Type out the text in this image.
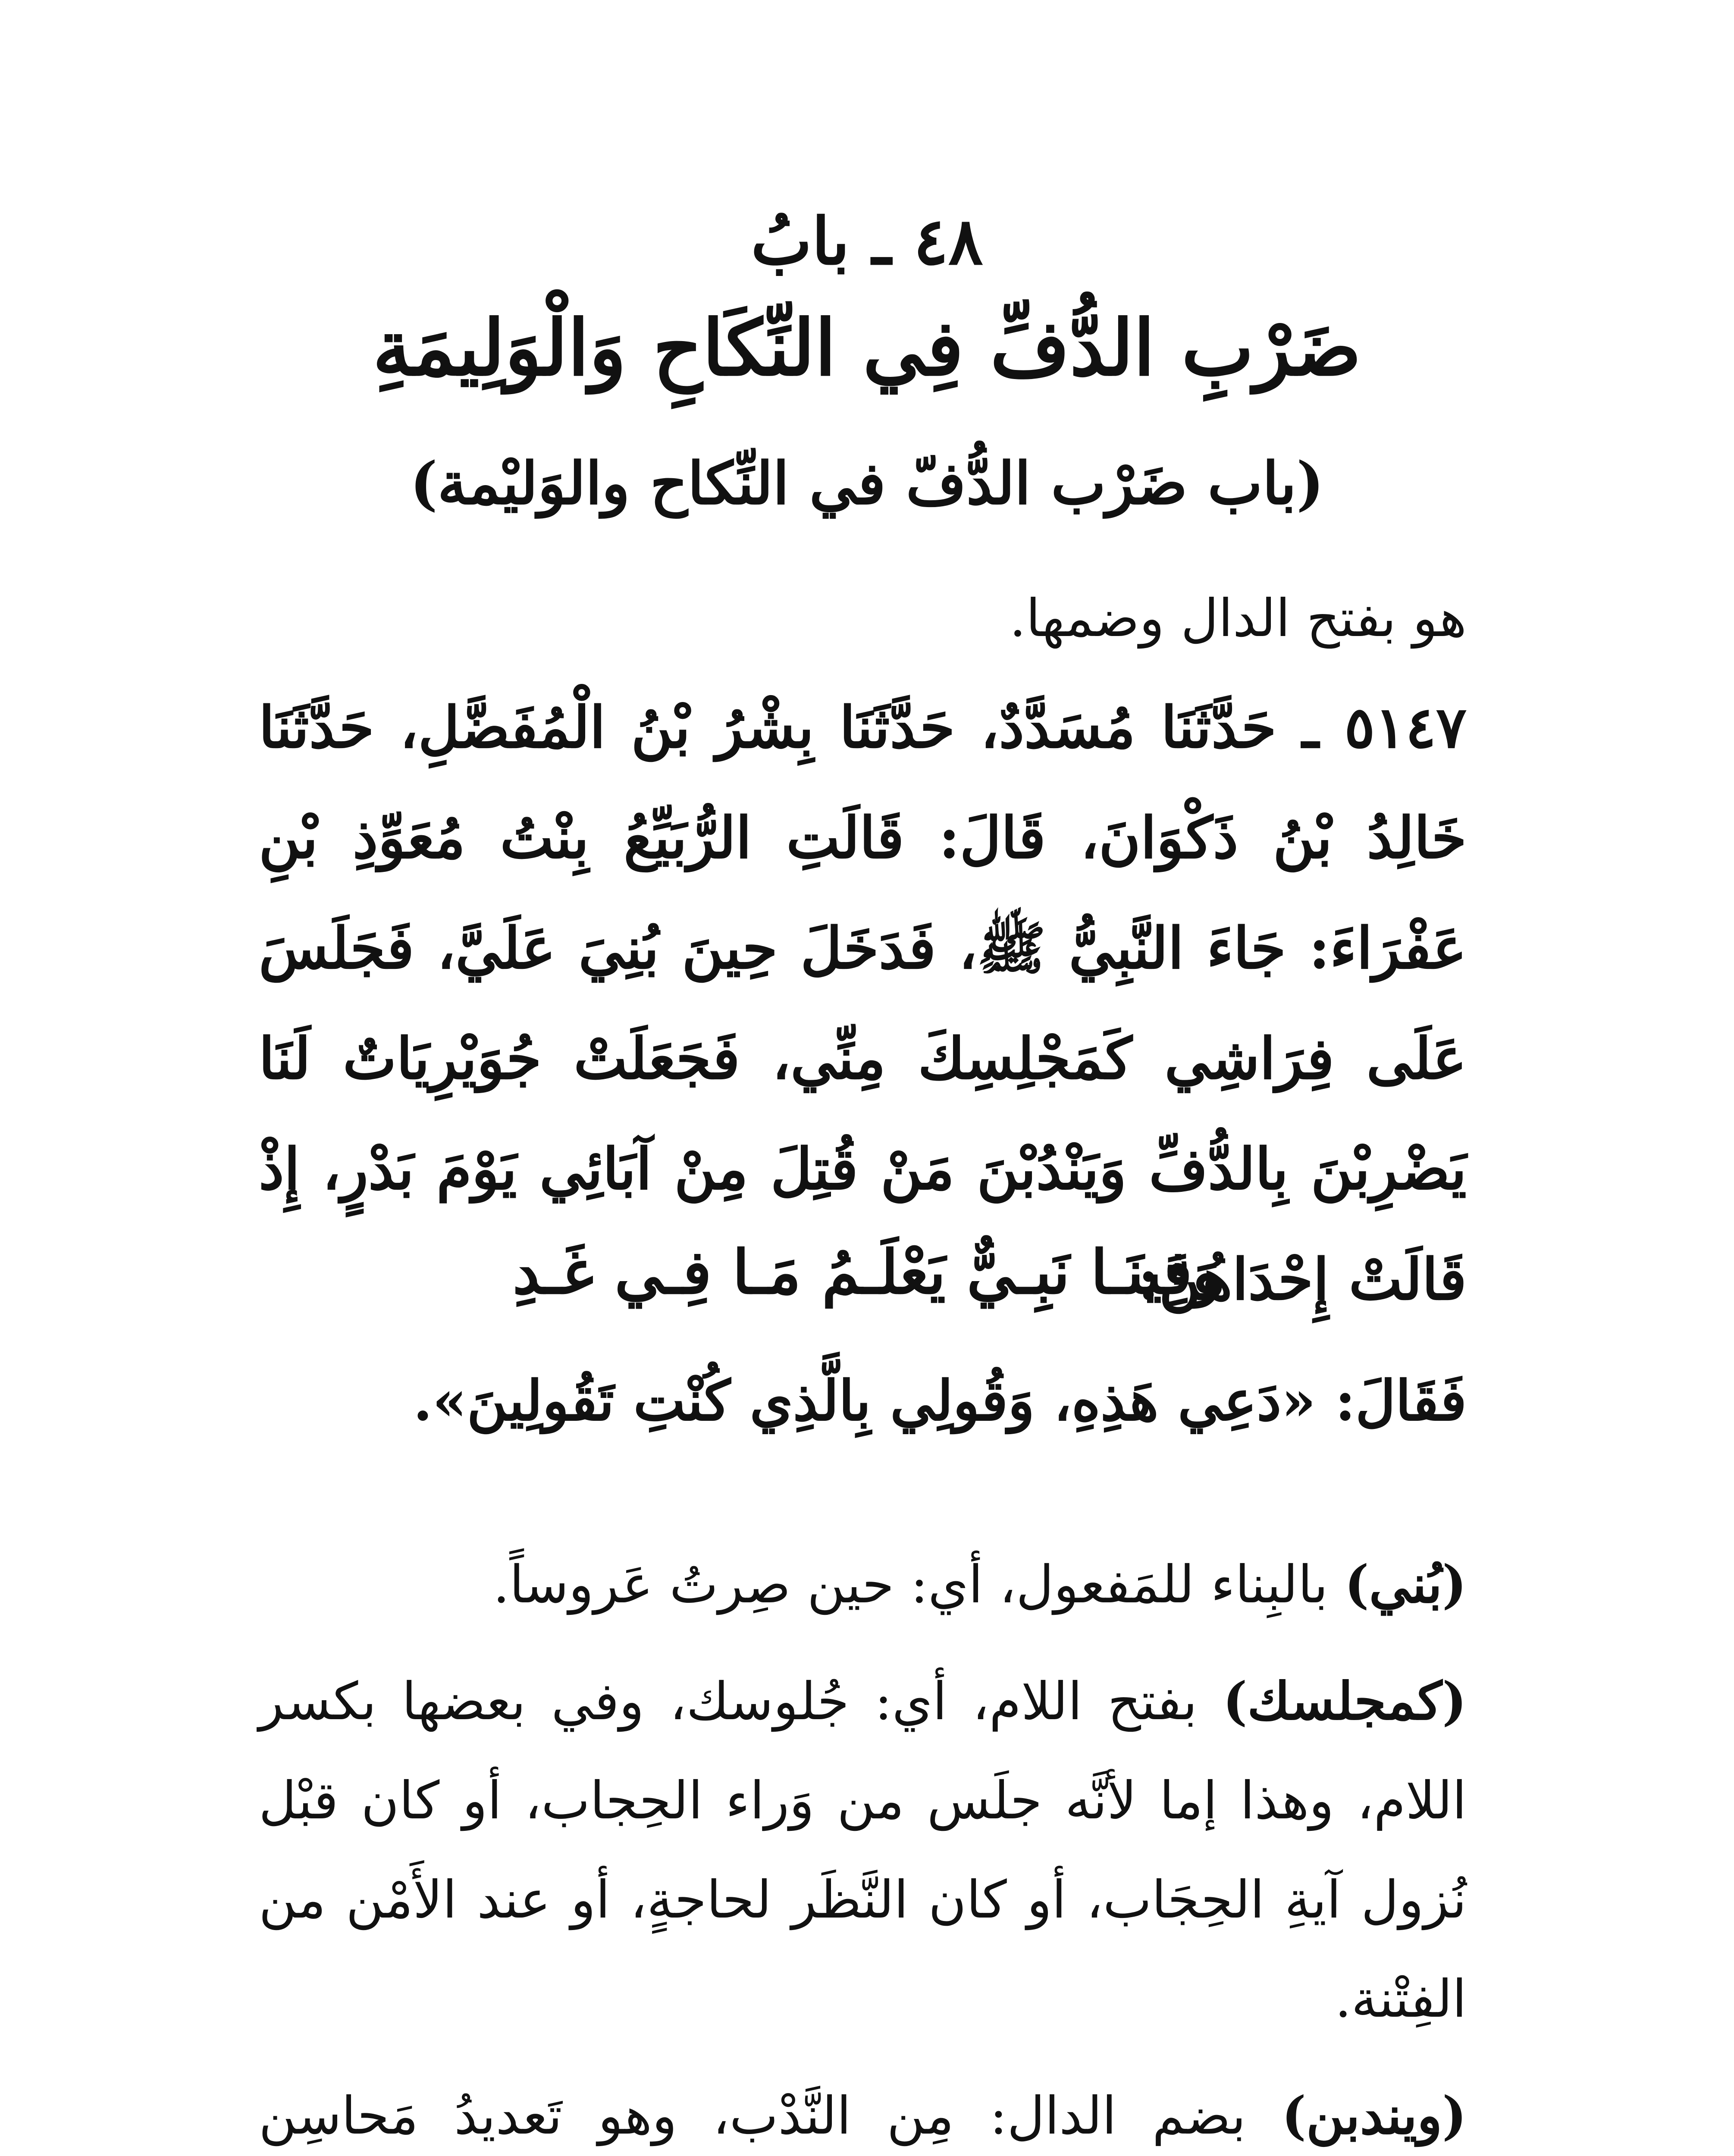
٤٨ ـ بابُ
ضَرْبِ الدُّفِّ فِي النِّكَاحِ وَالْوَلِيمَةِ
(باب ضَرْب الدُّفّ في النِّكاح والوَليْمة)
هو بفتح الدال وضمها.
٥١٤٧ ـ حَدَّثَنَا مُسَدَّدٌ، حَدَّثَنَا بِشْرُ بْنُ الْمُفَضَّلِ، حَدَّثَنَا خَالِدُ بْنُ ذَكْوَانَ، قَالَ: قَالَتِ الرُّبَيِّعُ بِنْتُ مُعَوِّذِ بْنِ عَفْرَاءَ: جَاءَ النَّبِيُّ ﷺ، فَدَخَلَ حِينَ بُنِيَ عَلَيَّ، فَجَلَسَ عَلَى فِرَاشِي كَمَجْلِسِكَ مِنِّي، فَجَعَلَتْ جُوَيْرِيَاتٌ لَنَا يَضْرِبْنَ بِالدُّفِّ وَيَنْدُبْنَ مَنْ قُتِلَ مِنْ آبَائِي يَوْمَ بَدْرٍ، إِذْ قَالَتْ إِحْدَاهُنَّ:
وَفِينَـا نَبِـيٌّ يَعْلَـمُ مَـا فِـي غَـدِ
فَقَالَ: «دَعِي هَذِهِ، وَقُولِي بِالَّذِي كُنْتِ تَقُولِينَ».

(بُني) بالبِناء للمَفعول، أي: حين صِرتُ عَروساً.

(كمجلسك) بفتح اللام، أي: جُلوسك، وفي بعضها بكسر اللام، وهذا إما لأنَّه جلَس من وَراء الحِجاب، أو كان قبْل نُزول آيةِ الحِجَاب، أو كان النَّظَر لحاجةٍ، أو عند الأَمْن من الفِتْنة.

(ويندبن) بضم الدال: مِن النَّدْب، وهو تَعديدُ مَحاسِن
